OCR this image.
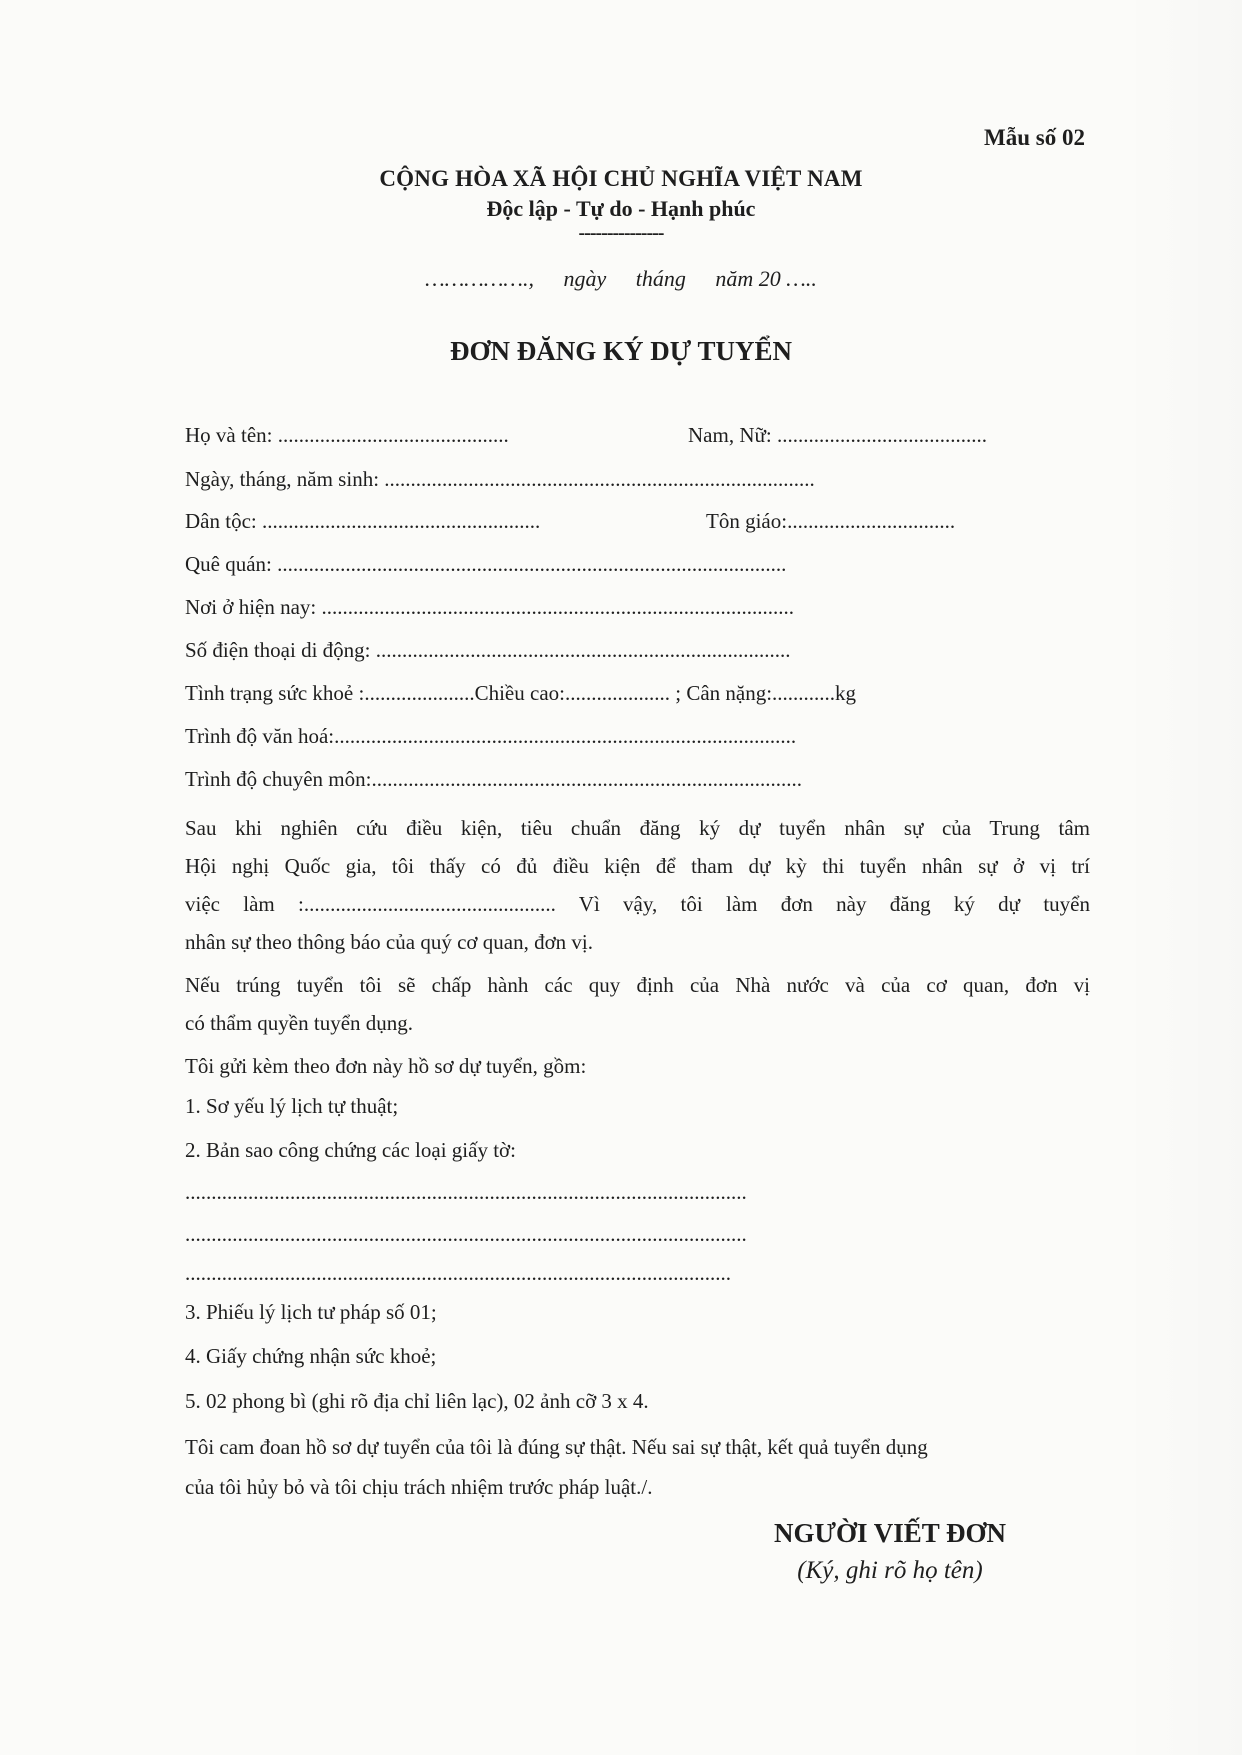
Mẫu số 02
CỘNG HÒA XÃ HỘI CHỦ NGHĨA VIỆT NAM
Độc lập - Tự do - Hạnh phúc
---------------
……………., ngày tháng năm 20 …..
ĐƠN ĐĂNG KÝ DỰ TUYỂN
Họ và tên: ............................................	Nam, Nữ: ........................................
Ngày, tháng, năm sinh: ..................................................................................
Dân tộc: .....................................................	Tôn giáo:................................
Quê quán: .................................................................................................
Nơi ở hiện nay: ..........................................................................................
Số điện thoại di động: ...............................................................................
Tình trạng sức khoẻ :.....................Chiều cao:.................... ; Cân nặng:............kg
Trình độ văn hoá:........................................................................................
Trình độ chuyên môn:..................................................................................
Sau khi nghiên cứu điều kiện, tiêu chuẩn đăng ký dự tuyển nhân sự của Trung tâm
Hội nghị Quốc gia, tôi thấy có đủ điều kiện để tham dự kỳ thi tuyển nhân sự ở vị trí
việc làm :................................................ Vì vậy, tôi làm đơn này đăng ký dự tuyển
nhân sự theo thông báo của quý cơ quan, đơn vị.
Nếu trúng tuyển tôi sẽ chấp hành các quy định của Nhà nước và của cơ quan, đơn vị
có thẩm quyền tuyển dụng.
Tôi gửi kèm theo đơn này hồ sơ dự tuyển, gồm:
1. Sơ yếu lý lịch tự thuật;
2. Bản sao công chứng các loại giấy tờ:
...........................................................................................................
...........................................................................................................
........................................................................................................
3. Phiếu lý lịch tư pháp số 01;
4. Giấy chứng nhận sức khoẻ;
5. 02 phong bì (ghi rõ địa chỉ liên lạc), 02 ảnh cỡ 3 x 4.
Tôi cam đoan hồ sơ dự tuyển của tôi là đúng sự thật. Nếu sai sự thật, kết quả tuyển dụng
của tôi hủy bỏ và tôi chịu trách nhiệm trước pháp luật./.
NGƯỜI VIẾT ĐƠN
(Ký, ghi rõ họ tên)
